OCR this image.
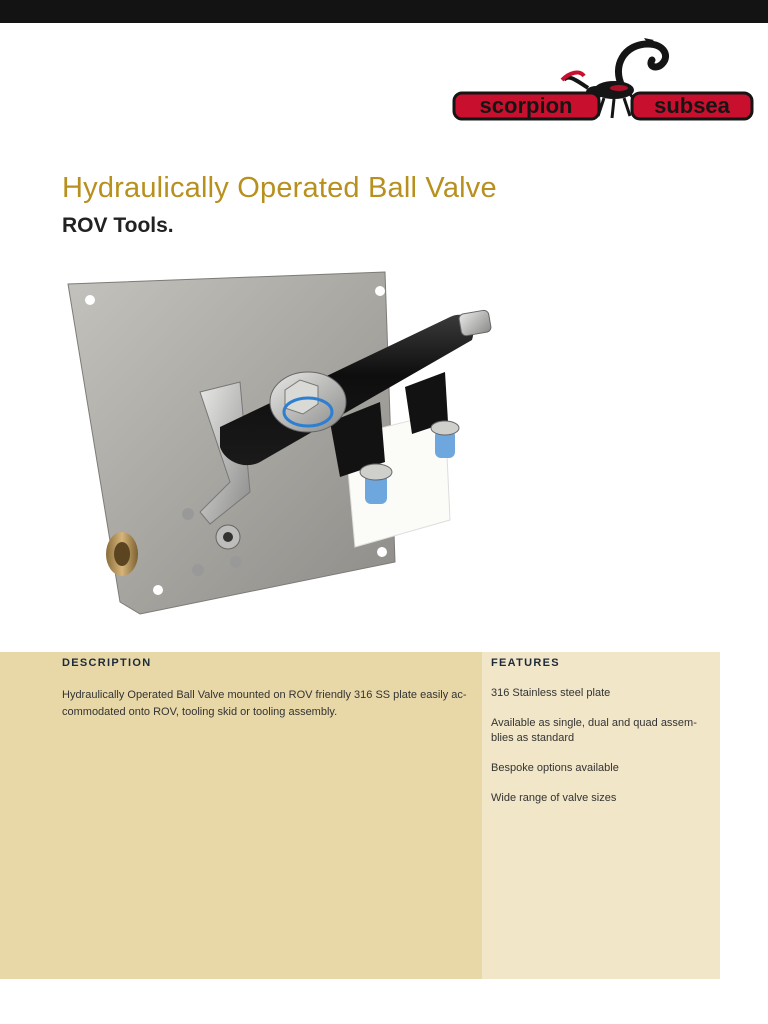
scorpion	subsea
Hydraulically Operated Ball Valve
ROV Tools.
DESCRIPTION
Hydraulically Operated Ball Valve mounted on ROV friendly 316 SS plate easily ac-commodated onto ROV, tooling skid or tooling assembly.
FEATURES
316 Stainless steel plate
Available as single, dual and quad assem-blies as standard
Bespoke options available
Wide range of valve sizes
